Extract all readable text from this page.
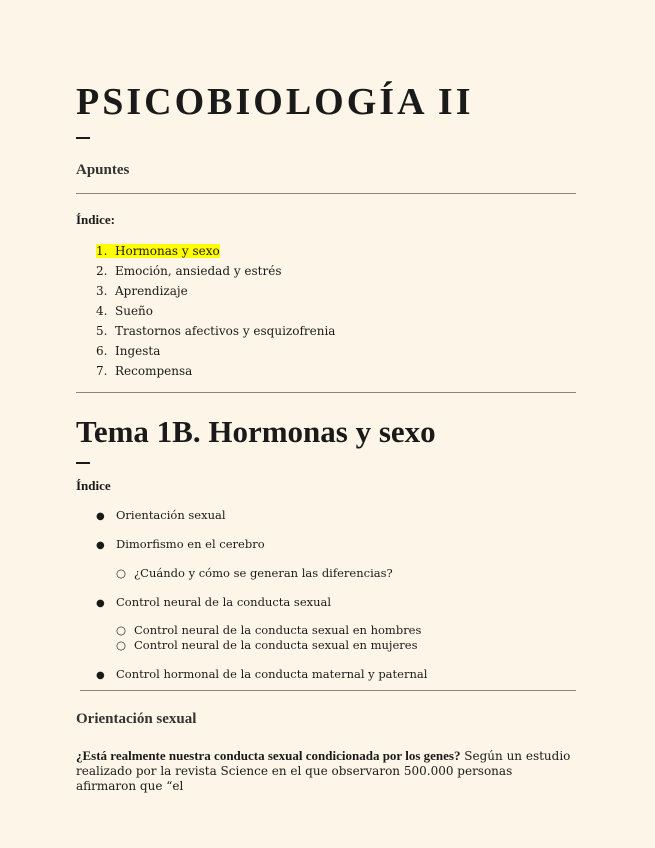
PSICOBIOLOGÍA II
Apuntes
Índice:
1. Hormonas y sexo
2. Emoción, ansiedad y estrés
3. Aprendizaje
4. Sueño
5. Trastornos afectivos y esquizofrenia
6. Ingesta
7. Recompensa
Tema 1B. Hormonas y sexo
Índice
● Orientación sexual
● Dimorfismo en el cerebro
○ ¿Cuándo y cómo se generan las diferencias?
● Control neural de la conducta sexual
○ Control neural de la conducta sexual en hombres
○ Control neural de la conducta sexual en mujeres
● Control hormonal de la conducta maternal y paternal
Orientación sexual
¿Está realmente nuestra conducta sexual condicionada por los genes? Según un estudio realizado por la revista Science en el que observaron 500.000 personas afirmaron que “el
